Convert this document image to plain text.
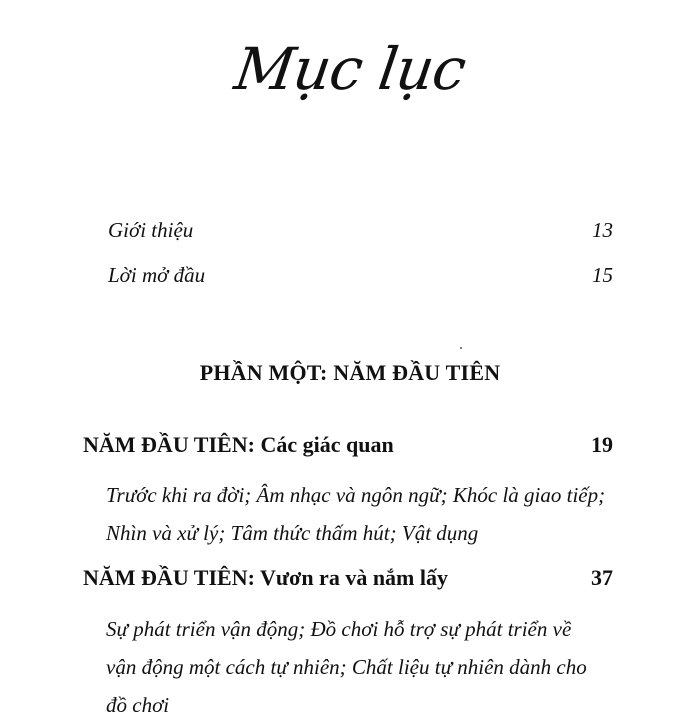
Mục lục
Giới thiệu	13
Lời mở đầu	15
PHẦN MỘT: NĂM ĐẦU TIÊN
NĂM ĐẦU TIÊN: Các giác quan	19
Trước khi ra đời; Âm nhạc và ngôn ngữ; Khóc là giao tiếp;
Nhìn và xử lý; Tâm thức thấm hút; Vật dụng
NĂM ĐẦU TIÊN: Vươn ra và nắm lấy	37
Sự phát triển vận động; Đồ chơi hỗ trợ sự phát triển về
vận động một cách tự nhiên; Chất liệu tự nhiên dành cho
đồ chơi
